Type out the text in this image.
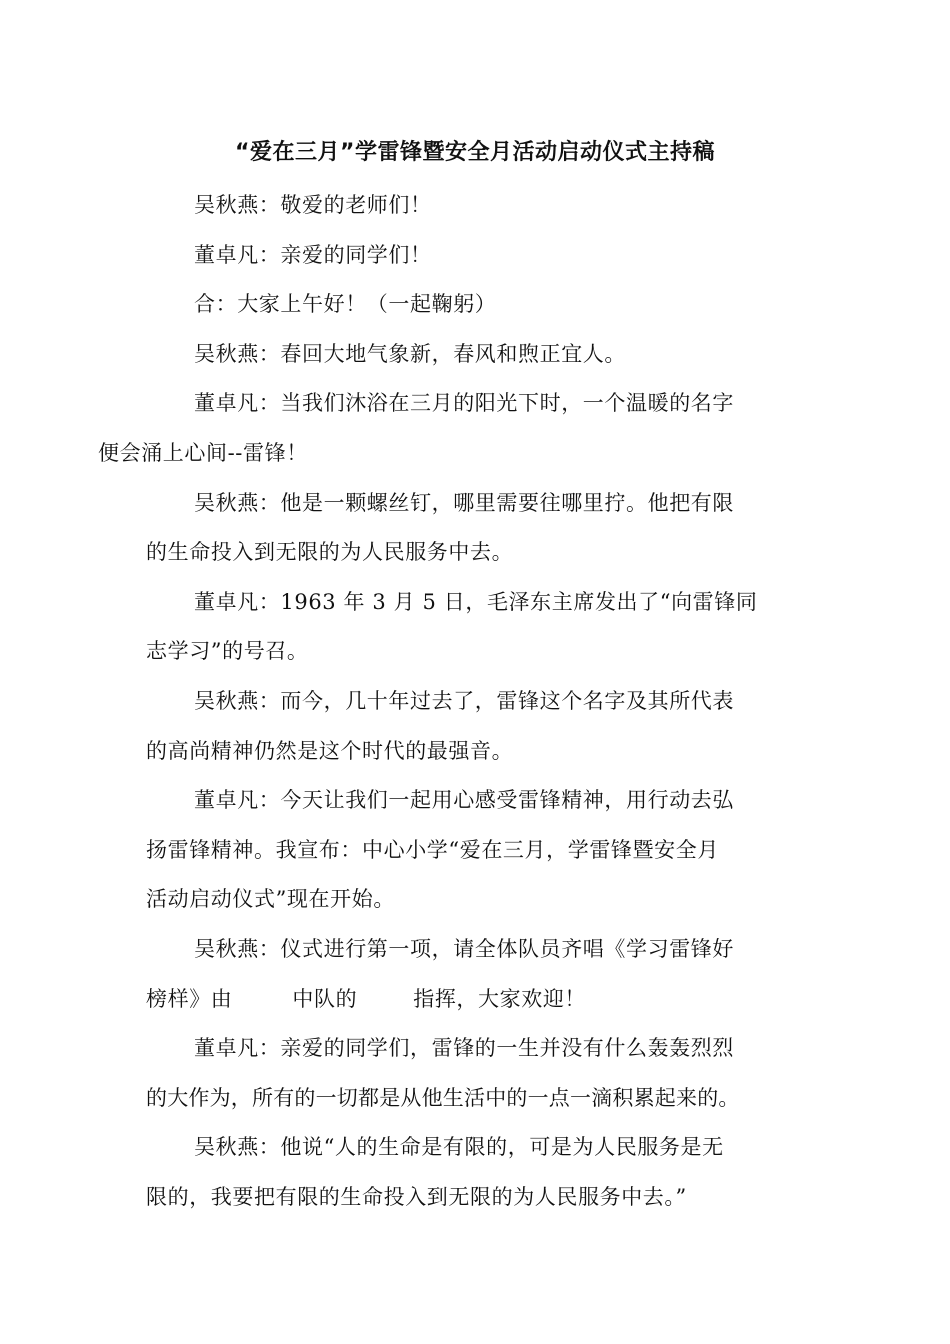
“爱在三月”学雷锋暨安全月活动启动仪式主持稿

吴秋燕：敬爱的老师们！

董卓凡：亲爱的同学们！

合：大家上午好！（一起鞠躬）

吴秋燕：春回大地气象新，春风和煦正宜人。

董卓凡：当我们沐浴在三月的阳光下时，一个温暖的名字
便会涌上心间--雷锋！

吴秋燕：他是一颗螺丝钉，哪里需要往哪里拧。他把有限
的生命投入到无限的为人民服务中去。

董卓凡：1963 年 3 月 5 日，毛泽东主席发出了“向雷锋同
志学习”的号召。

吴秋燕：而今，几十年过去了，雷锋这个名字及其所代表
的高尚精神仍然是这个时代的最强音。

董卓凡：今天让我们一起用心感受雷锋精神，用行动去弘
扬雷锋精神。我宣布：中心小学“爱在三月，学雷锋暨安全月
活动启动仪式”现在开始。

吴秋燕：仪式进行第一项，请全体队员齐唱《学习雷锋好
榜样》由	中队的	指挥，大家欢迎！

董卓凡：亲爱的同学们，雷锋的一生并没有什么轰轰烈烈
的大作为，所有的一切都是从他生活中的一点一滴积累起来的。

吴秋燕：他说“人的生命是有限的，可是为人民服务是无
限的，我要把有限的生命投入到无限的为人民服务中去。”
